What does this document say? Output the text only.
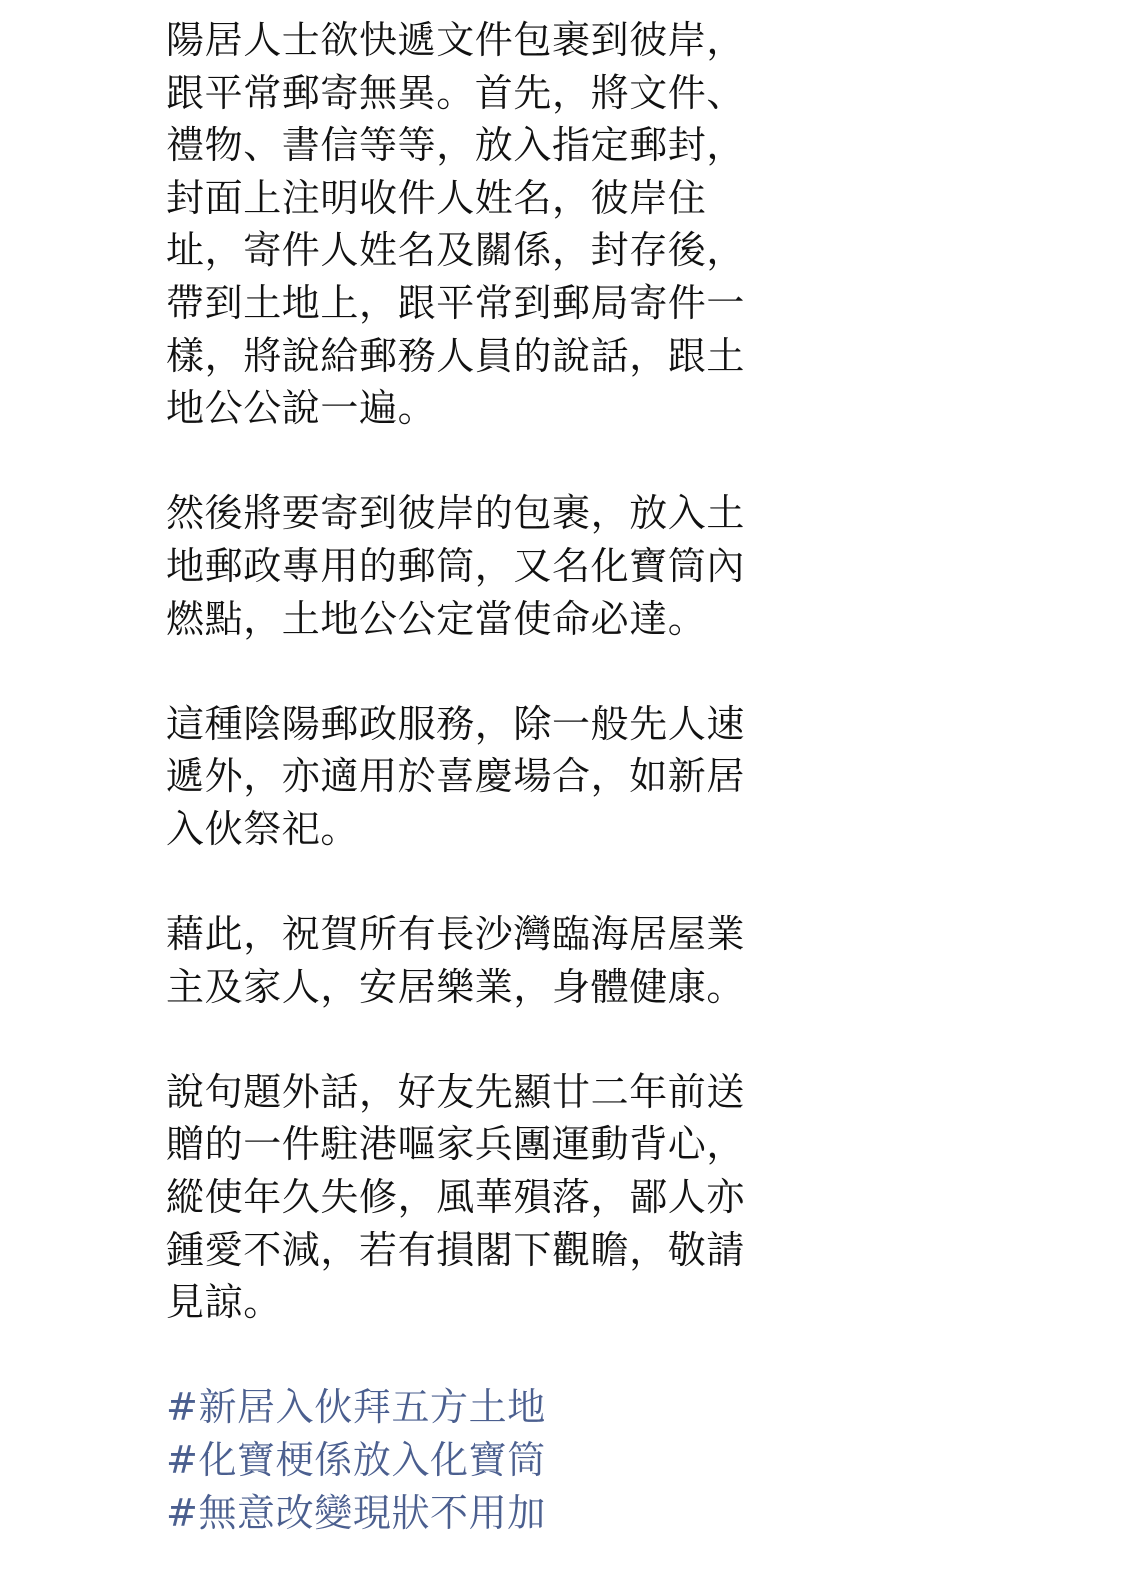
陽居人士欲快遞文件包裹到彼岸，
跟平常郵寄無異。首先，將文件、
禮物、書信等等，放入指定郵封，
封面上注明收件人姓名，彼岸住
址，寄件人姓名及關係，封存後，
帶到土地上，跟平常到郵局寄件一
樣，將說給郵務人員的說話，跟土
地公公說一遍。

然後將要寄到彼岸的包裹，放入土
地郵政專用的郵筒，又名化寶筒內
燃點，土地公公定當使命必達。

這種陰陽郵政服務，除一般先人速
遞外，亦適用於喜慶場合，如新居
入伙祭祀。

藉此，祝賀所有長沙灣臨海居屋業
主及家人，安居樂業，身體健康。

說句題外話，好友先顯廿二年前送
贈的一件駐港嘔家兵團運動背心，
縱使年久失修，風華殞落，鄙人亦
鍾愛不減，若有損閣下觀瞻，敬請
見諒。

#新居入伙拜五方土地
#化寶梗係放入化寶筒
#無意改變現狀不用加
